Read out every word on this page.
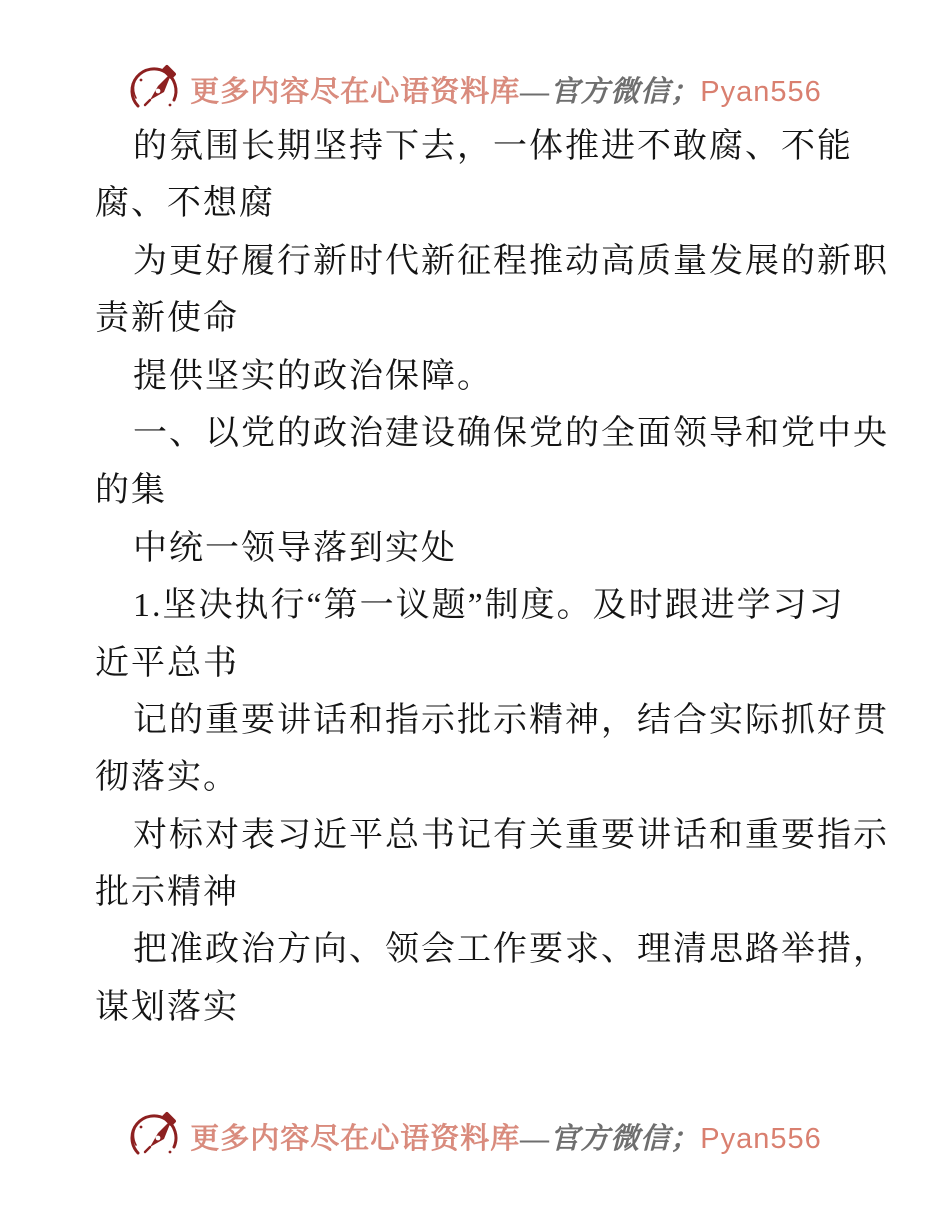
更多内容尽在心语资料库—官方微信；Pyan556
的氛围长期坚持下去，一体推进不敢腐、不能
腐、不想腐
为更好履行新时代新征程推动高质量发展的新职
责新使命
提供坚实的政治保障。
一、以党的政治建设确保党的全面领导和党中央
的集
中统一领导落到实处
1.坚决执行“第一议题”制度。及时跟进学习习
近平总书
记的重要讲话和指示批示精神，结合实际抓好贯
彻落实。
对标对表习近平总书记有关重要讲话和重要指示
批示精神
把准政治方向、领会工作要求、理清思路举措，
谋划落实
更多内容尽在心语资料库—官方微信；Pyan556
